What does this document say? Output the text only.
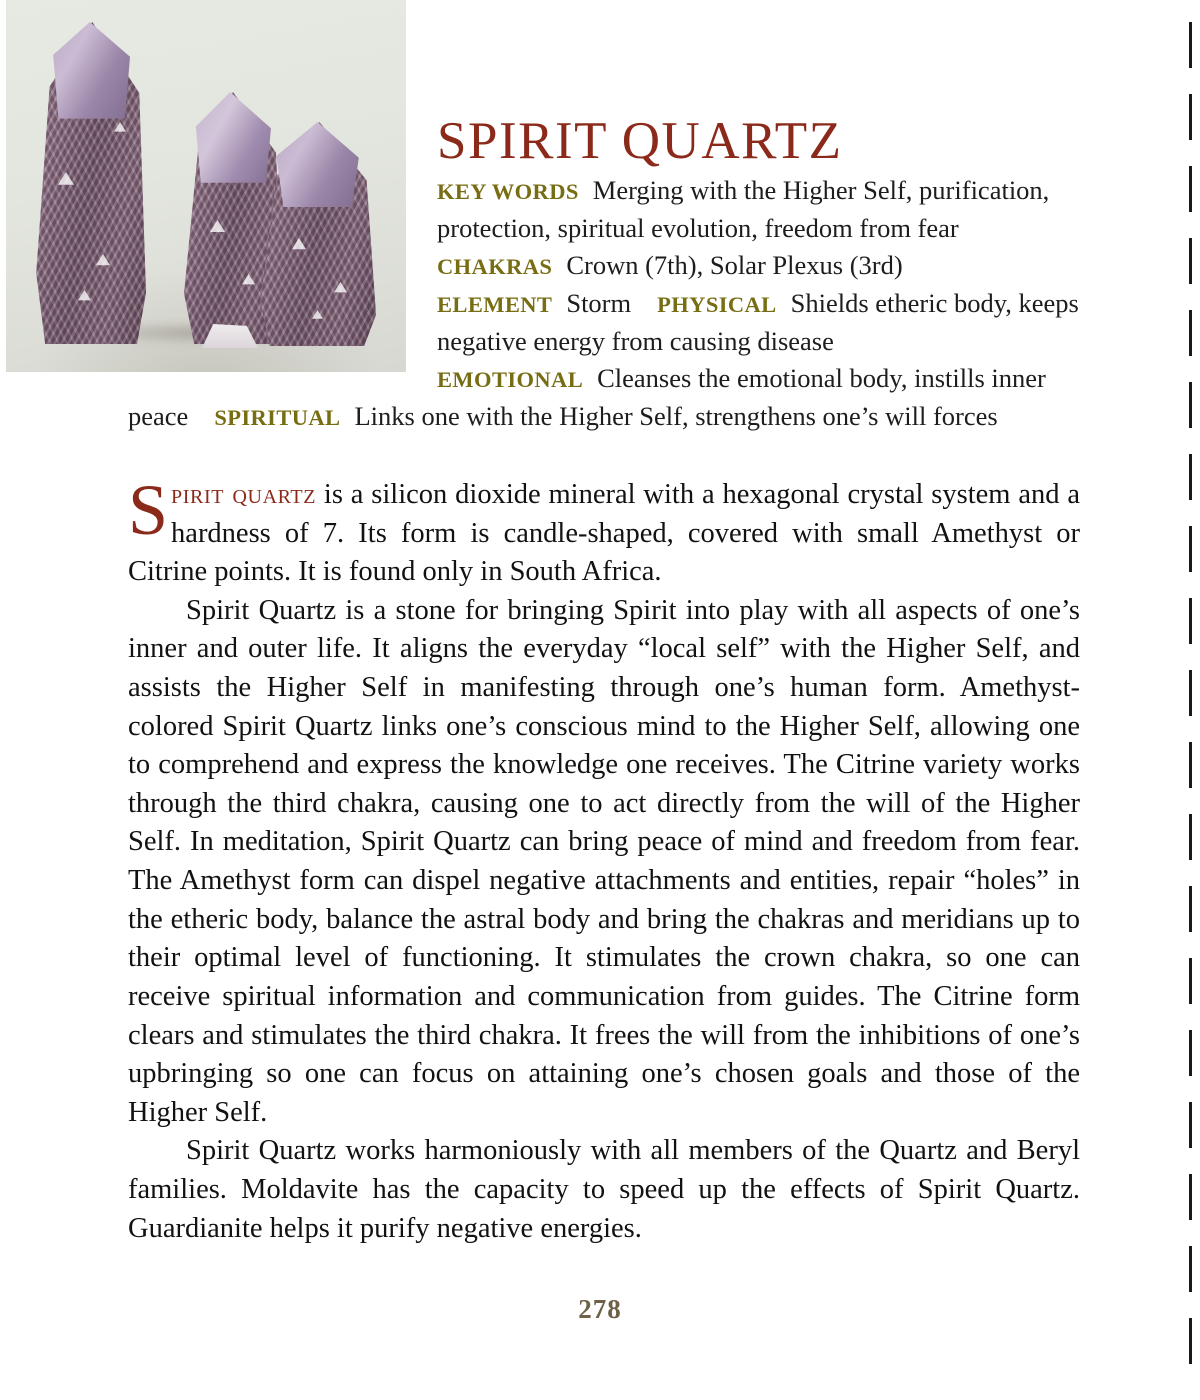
SPIRIT QUARTZ
KEY WORDS Merging with the Higher Self, purification, protection, spiritual evolution, freedom from fear
CHAKRAS Crown (7th), Solar Plexus (3rd)
ELEMENT Storm PHYSICAL Shields etheric body, keeps negative energy from causing disease
EMOTIONAL Cleanses the emotional body, instills inner
peace SPIRITUAL Links one with the Higher Self, strengthens one’s will forces

Spirit quartz is a silicon dioxide mineral with a hexagonal crystal system and a hardness of 7. Its form is candle-shaped, covered with small Amethyst or Citrine points. It is found only in South Africa.

Spirit Quartz is a stone for bringing Spirit into play with all aspects of one’s inner and outer life. It aligns the everyday “local self” with the Higher Self, and assists the Higher Self in manifesting through one’s human form. Amethyst-colored Spirit Quartz links one’s conscious mind to the Higher Self, allowing one to comprehend and express the knowledge one receives. The Citrine variety works through the third chakra, causing one to act directly from the will of the Higher Self. In meditation, Spirit Quartz can bring peace of mind and freedom from fear. The Amethyst form can dispel negative attachments and entities, repair “holes” in the etheric body, balance the astral body and bring the chakras and meridians up to their optimal level of functioning. It stimulates the crown chakra, so one can receive spiritual information and communication from guides. The Citrine form clears and stimulates the third chakra. It frees the will from the inhibitions of one’s upbringing so one can focus on attaining one’s chosen goals and those of the Higher Self.

Spirit Quartz works harmoniously with all members of the Quartz and Beryl families. Moldavite has the capacity to speed up the effects of Spirit Quartz. Guardianite helps it purify negative energies.

278
